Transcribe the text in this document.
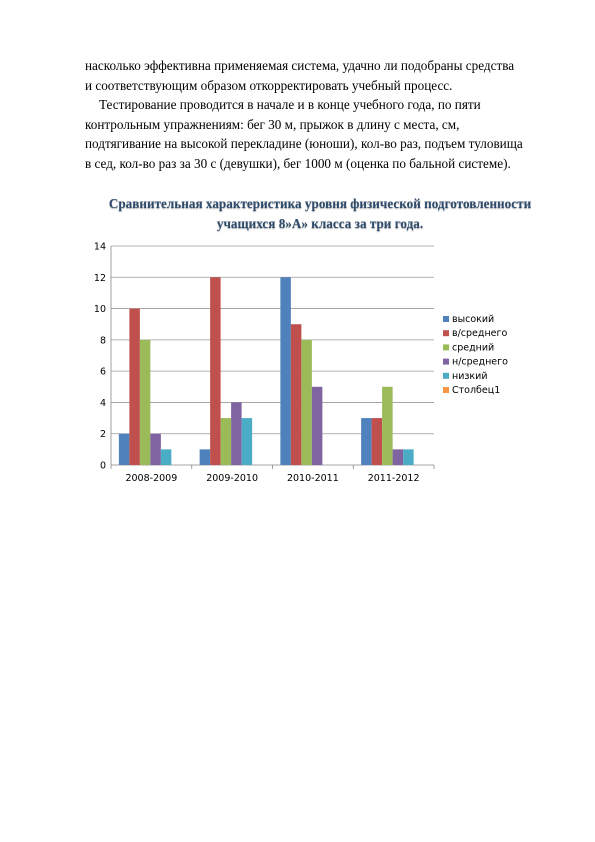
насколько эффективна применяемая система, удачно ли подобраны средства
и соответствующим образом откорректировать учебный процесс.

Тестирование проводится в начале и в конце учебного года, по пяти
контрольным упражнениям: бег 30 м, прыжок в длину с места, см,
подтягивание на высокой перекладине (юноши), кол-во раз, подъем туловища
в сед, кол-во раз за 30 с (девушки), бег 1000 м (оценка по бальной системе).

Сравнительная характеристика уровня физической подготовленности
учащихся 8»А» класса за три года.
0
2
4
6
8
10
12
14
2008-2009	2009-2010	2010-2011	2011-2012
высокий
в/среднего
средний
н/среднего
низкий
Столбец1
